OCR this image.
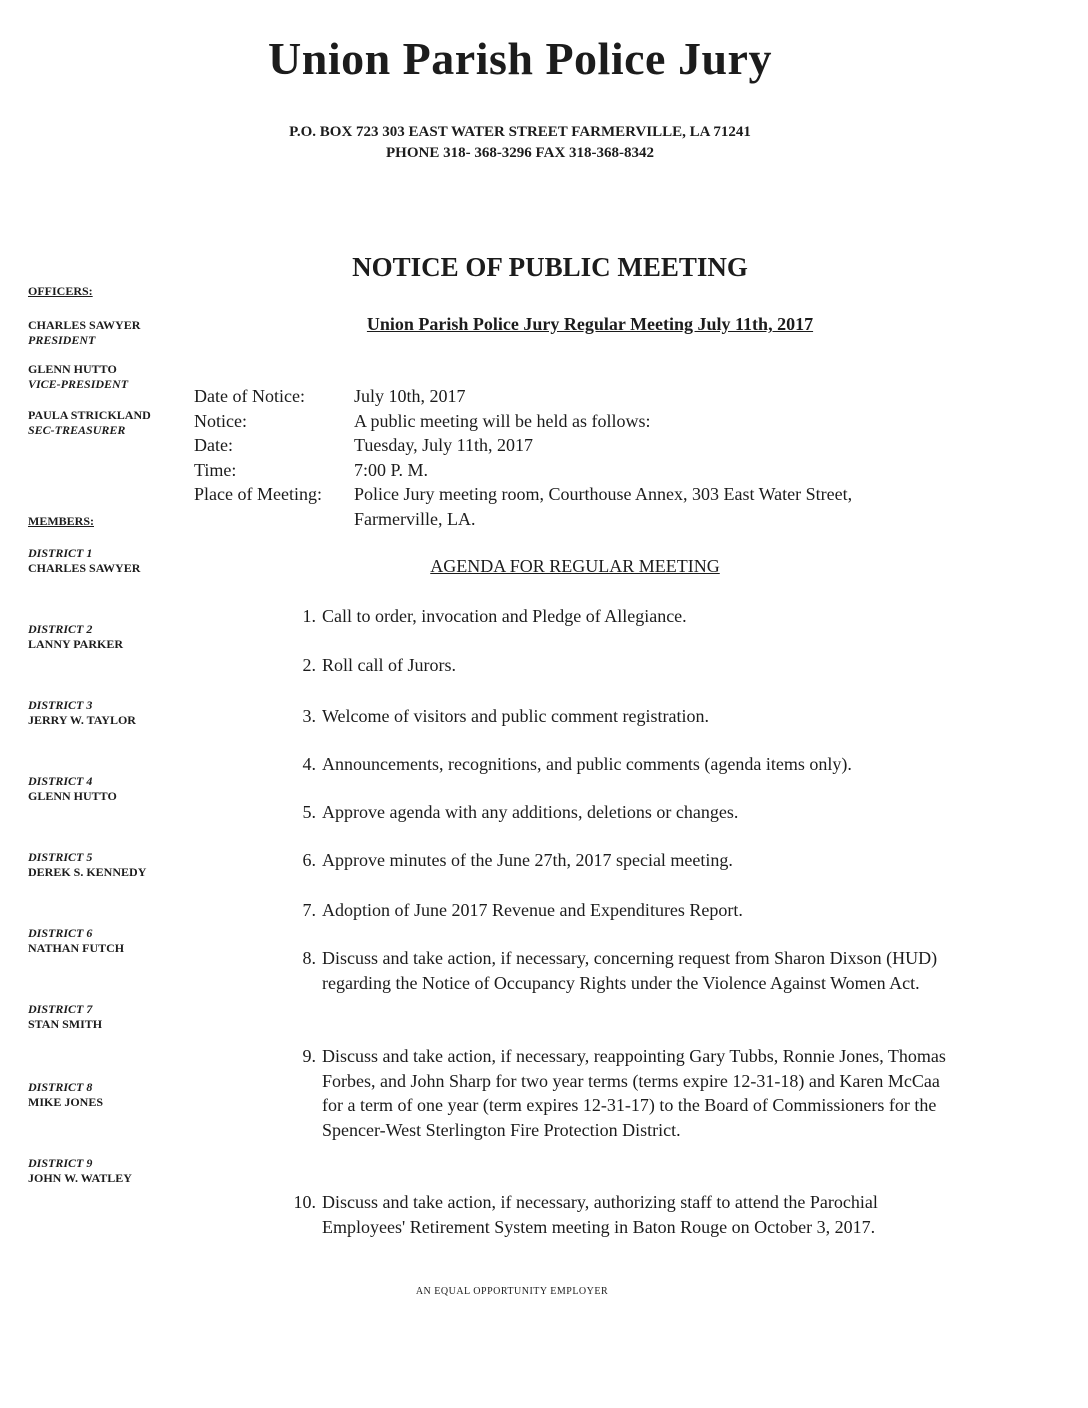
Union Parish Police Jury
P.O. BOX 723 303 EAST WATER STREET FARMERVILLE, LA 71241
PHONE 318- 368-3296 FAX 318-368-8342
NOTICE OF PUBLIC MEETING
Union Parish Police Jury Regular Meeting July 11th, 2017
OFFICERS:
CHARLES SAWYER
PRESIDENT
GLENN HUTTO
VICE-PRESIDENT
PAULA STRICKLAND
SEC-TREASURER
MEMBERS:
DISTRICT 1
CHARLES SAWYER
DISTRICT 2
LANNY PARKER
DISTRICT 3
JERRY W. TAYLOR
DISTRICT 4
GLENN HUTTO
DISTRICT 5
DEREK S. KENNEDY
DISTRICT 6
NATHAN FUTCH
DISTRICT 7
STAN SMITH
DISTRICT 8
MIKE JONES
DISTRICT 9
JOHN W. WATLEY
Date of Notice:	July 10th, 2017
Notice:	A public meeting will be held as follows:
Date:	Tuesday, July 11th, 2017
Time:	7:00 P. M.
Place of Meeting:	Police Jury meeting room, Courthouse Annex, 303 East Water Street, Farmerville, LA.
AGENDA FOR REGULAR MEETING
1. Call to order, invocation and Pledge of Allegiance.
2. Roll call of Jurors.
3. Welcome of visitors and public comment registration.
4. Announcements, recognitions, and public comments (agenda items only).
5. Approve agenda with any additions, deletions or changes.
6. Approve minutes of the June 27th, 2017 special meeting.
7. Adoption of June 2017 Revenue and Expenditures Report.
8. Discuss and take action, if necessary, concerning request from Sharon Dixson (HUD) regarding the Notice of Occupancy Rights under the Violence Against Women Act.
9. Discuss and take action, if necessary, reappointing Gary Tubbs, Ronnie Jones, Thomas Forbes, and John Sharp for two year terms (terms expire 12-31-18) and Karen McCaa for a term of one year (term expires 12-31-17) to the Board of Commissioners for the Spencer-West Sterlington Fire Protection District.
10. Discuss and take action, if necessary, authorizing staff to attend the Parochial Employees' Retirement System meeting in Baton Rouge on October 3, 2017.
AN EQUAL OPPORTUNITY EMPLOYER
